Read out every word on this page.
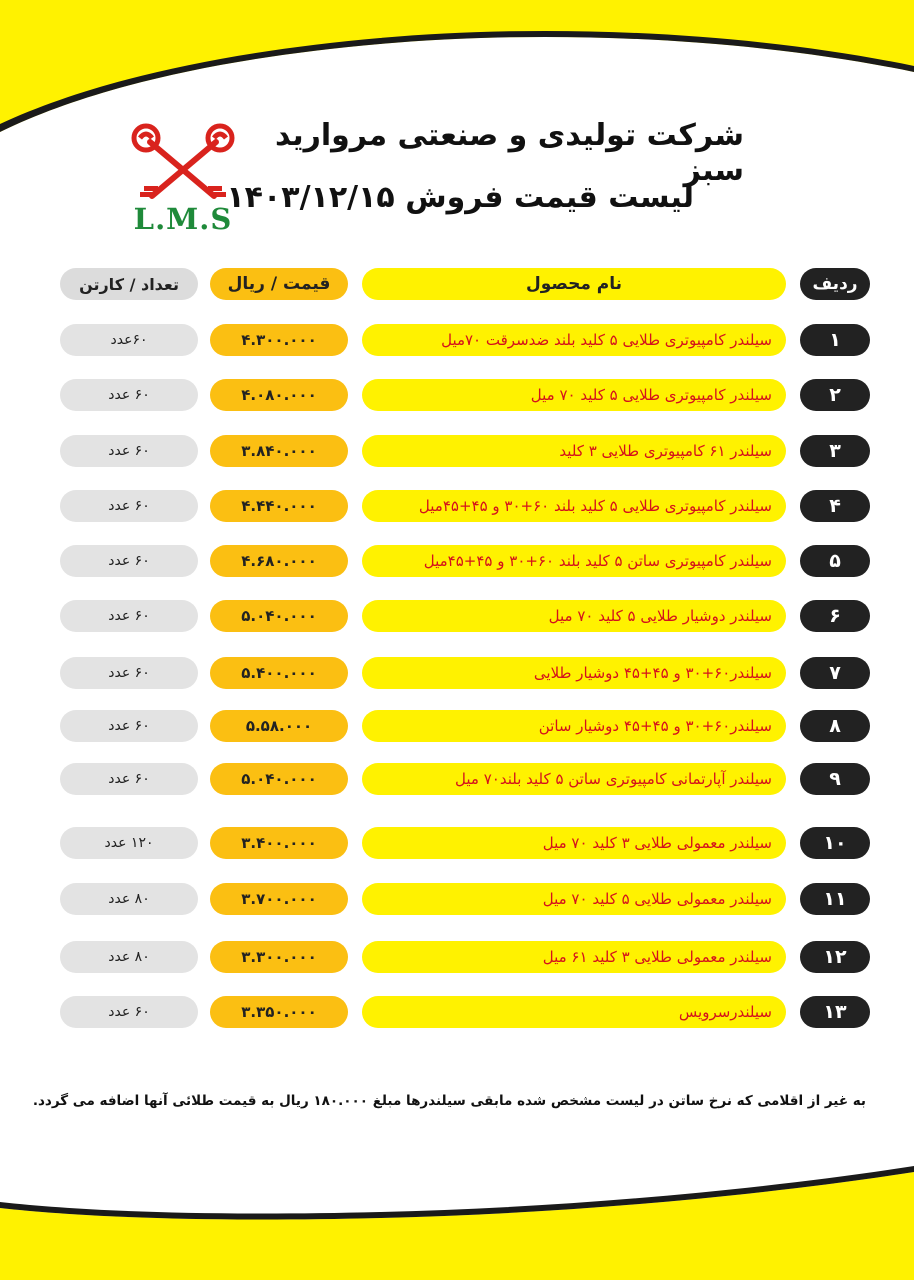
L.M.S
شرکت تولیدی و صنعتی مروارید سبز
لیست قیمت فروش ۱۴۰۳/۱۲/۱۵
ردیف
نام محصول
قیمت / ریال
تعداد / کارتن
۱
سیلندر کامپیوتری طلایی ۵ کلید بلند ضدسرقت ۷۰میل
۴.۳۰۰.۰۰۰
۶۰عدد
۲
سیلندر کامپیوتری طلایی ۵ کلید ۷۰ میل
۴.۰۸۰.۰۰۰
۶۰ عدد
۳
سیلندر ۶۱ کامپیوتری طلایی ۳ کلید
۳.۸۴۰.۰۰۰
۶۰ عدد
۴
سیلندر کامپیوتری طلایی ۵ کلید بلند ۶۰+۳۰ و ۴۵+۴۵میل
۴.۴۴۰.۰۰۰
۶۰ عدد
۵
سیلندر کامپیوتری ساتن ۵ کلید بلند ۶۰+۳۰ و ۴۵+۴۵میل
۴.۶۸۰.۰۰۰
۶۰ عدد
۶
سیلندر دوشیار طلایی ۵ کلید ۷۰ میل
۵.۰۴۰.۰۰۰
۶۰ عدد
۷
سیلندر۶۰+۳۰ و ۴۵+۴۵ دوشیار طلایی
۵.۴۰۰.۰۰۰
۶۰ عدد
۸
سیلندر۶۰+۳۰ و ۴۵+۴۵ دوشیار ساتن
۵.۵۸.۰۰۰
۶۰ عدد
۹
سیلندر آپارتمانی کامپیوتری ساتن ۵ کلید بلند۷۰ میل
۵.۰۴۰.۰۰۰
۶۰ عدد
۱۰
سیلندر معمولی طلایی ۳ کلید ۷۰ میل
۳.۴۰۰.۰۰۰
۱۲۰ عدد
۱۱
سیلندر معمولی طلایی ۵ کلید ۷۰ میل
۳.۷۰۰.۰۰۰
۸۰ عدد
۱۲
سیلندر معمولی طلایی ۳ کلید ۶۱ میل
۳.۳۰۰.۰۰۰
۸۰ عدد
۱۳
سیلندرسرویس
۳.۳۵۰.۰۰۰
۶۰ عدد
به غیر از اقلامی که نرخ ساتن در لیست مشخص شده مابقی سیلندرها مبلغ ۱۸۰.۰۰۰ ریال به قیمت طلائی آنها اضافه می گردد.
